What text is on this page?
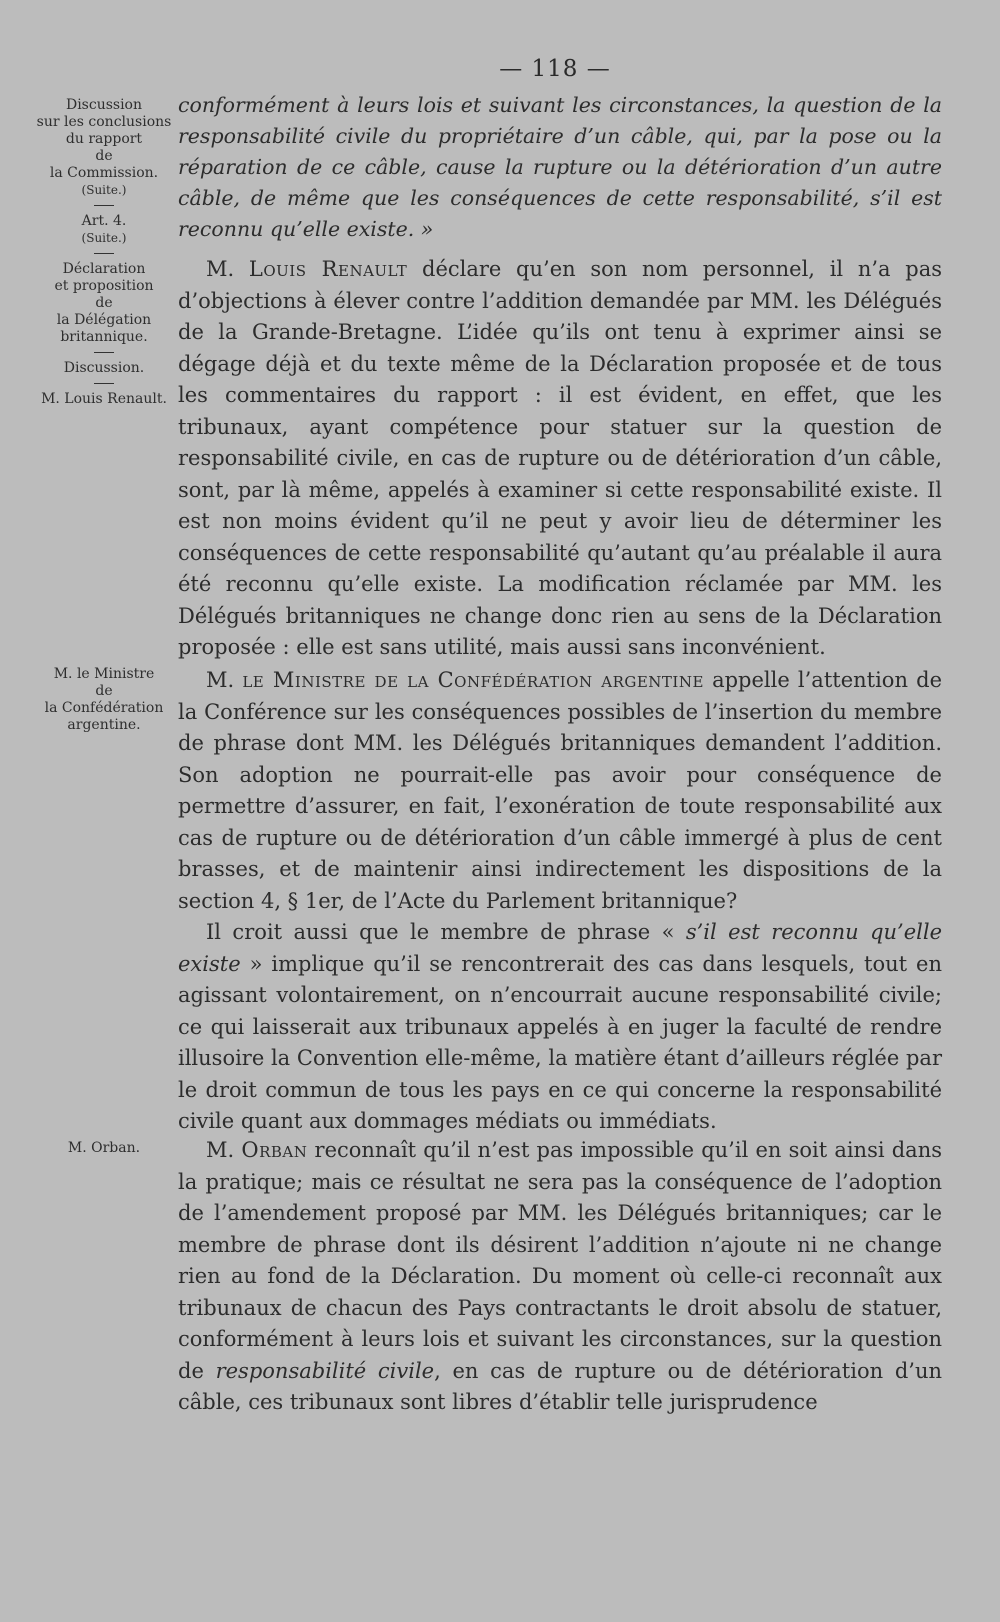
— 118 —
Discussion
sur les conclusions
du rapport
de
la Commission.
(Suite.)
Art. 4.
(Suite.)
Déclaration
et proposition
de
la Délégation
britannique.
Discussion.
M. Louis Renault.
M. le Ministre
de
la Confédération
argentine.
M. Orban.

conformément à leurs lois et suivant les circonstances, la question de la responsabilité civile du propriétaire d’un câble, qui, par la pose ou la réparation de ce câble, cause la rupture ou la détérioration d’un autre câble, de même que les conséquences de cette responsabilité, s’il est reconnu qu’elle existe. »

M. Louis Renault déclare qu’en son nom personnel, il n’a pas d’objections à élever contre l’addition demandée par MM. les Délégués de la Grande-Bretagne. L’idée qu’ils ont tenu à exprimer ainsi se dégage déjà et du texte même de la Déclaration proposée et de tous les commentaires du rapport : il est évident, en effet, que les tribunaux, ayant compétence pour statuer sur la question de responsabilité civile, en cas de rupture ou de détérioration d’un câble, sont, par là même, appelés à examiner si cette responsabilité existe. Il est non moins évident qu’il ne peut y avoir lieu de déterminer les conséquences de cette responsabilité qu’autant qu’au préalable il aura été reconnu qu’elle existe. La modification réclamée par MM. les Délégués britanniques ne change donc rien au sens de la Déclaration proposée : elle est sans utilité, mais aussi sans inconvénient.

M. le Ministre de la Confédération argentine appelle l’attention de la Conférence sur les conséquences possibles de l’insertion du membre de phrase dont MM. les Délégués britanniques demandent l’addition. Son adoption ne pourrait-elle pas avoir pour conséquence de permettre d’assurer, en fait, l’exonération de toute responsabilité aux cas de rupture ou de détérioration d’un câble immergé à plus de cent brasses, et de maintenir ainsi indirectement les dispositions de la section 4, § 1er, de l’Acte du Parlement britannique?

Il croit aussi que le membre de phrase « s’il est reconnu qu’elle existe » implique qu’il se rencontrerait des cas dans lesquels, tout en agissant volontairement, on n’encourrait aucune responsabilité civile; ce qui laisserait aux tribunaux appelés à en juger la faculté de rendre illusoire la Convention elle-même, la matière étant d’ailleurs réglée par le droit commun de tous les pays en ce qui concerne la responsabilité civile quant aux dommages médiats ou immédiats.

M. Orban reconnaît qu’il n’est pas impossible qu’il en soit ainsi dans la pratique; mais ce résultat ne sera pas la conséquence de l’adoption de l’amendement proposé par MM. les Délégués britanniques; car le membre de phrase dont ils désirent l’addition n’ajoute ni ne change rien au fond de la Déclaration. Du moment où celle-ci reconnaît aux tribunaux de chacun des Pays contractants le droit absolu de statuer, conformément à leurs lois et suivant les circonstances, sur la question de responsabilité civile, en cas de rupture ou de détérioration d’un câble, ces tribunaux sont libres d’établir telle jurisprudence
